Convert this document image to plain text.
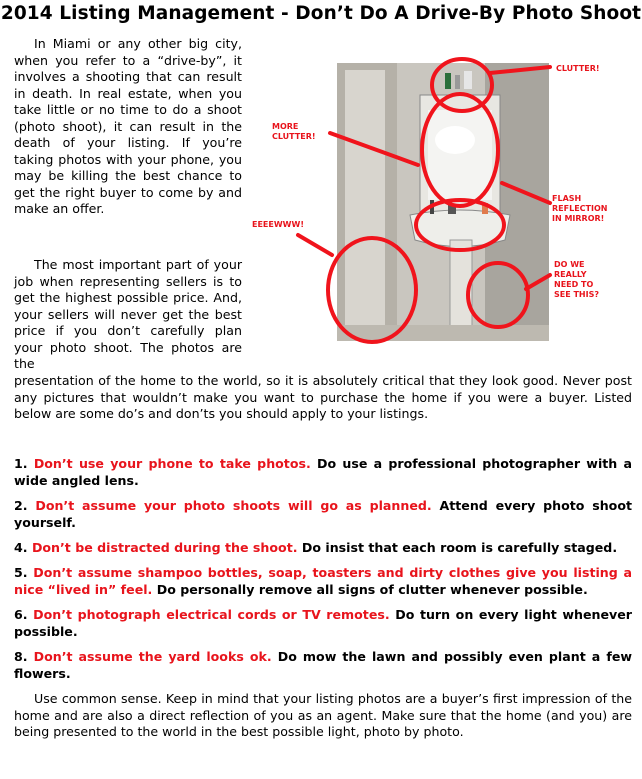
2014 Listing Management - Don’t Do A Drive-By Photo Shoot

In Miami or any other big city, when you refer to a “drive-by”, it involves a shooting that can result in death. In real estate, when you take little or no time to do a shoot (photo shoot), it can result in the death of your listing. If you’re taking photos with your phone, you may be killing the best chance to get the right buyer to come by and make an offer.

The most important part of your job when representing sellers is to get the highest possible price. And, your sellers will never get the best price if you don’t carefully plan your photo shoot. The photos are the

presentation of the home to the world, so it is absolutely critical that they look good. Never post any pictures that wouldn’t make you want to purchase the home if you were a buyer. Listed below are some do’s and don’ts you should apply to your listings.

CLUTTER!
MORE
CLUTTER!
EEEEWWW!
FLASH
REFLECTION
IN MIRROR!
DO WE
REALLY
NEED TO
SEE THIS?
1. Don’t use your phone to take photos. Do use a professional photographer with a wide angled lens.
2. Don’t assume your photo shoots will go as planned. Attend every photo shoot yourself.
4. Don’t be distracted during the shoot. Do insist that each room is carefully staged.
5. Don’t assume shampoo bottles, soap, toasters and dirty clothes give you listing a nice “lived in” feel. Do personally remove all signs of clutter whenever possible.
6. Don’t photograph electrical cords or TV remotes. Do turn on every light whenever possible.
8. Don’t assume the yard looks ok. Do mow the lawn and possibly even plant a few flowers.

Use common sense. Keep in mind that your listing photos are a buyer’s first impression of the home and are also a direct reflection of you as an agent. Make sure that the home (and you) are being presented to the world in the best possible light, photo by photo.
